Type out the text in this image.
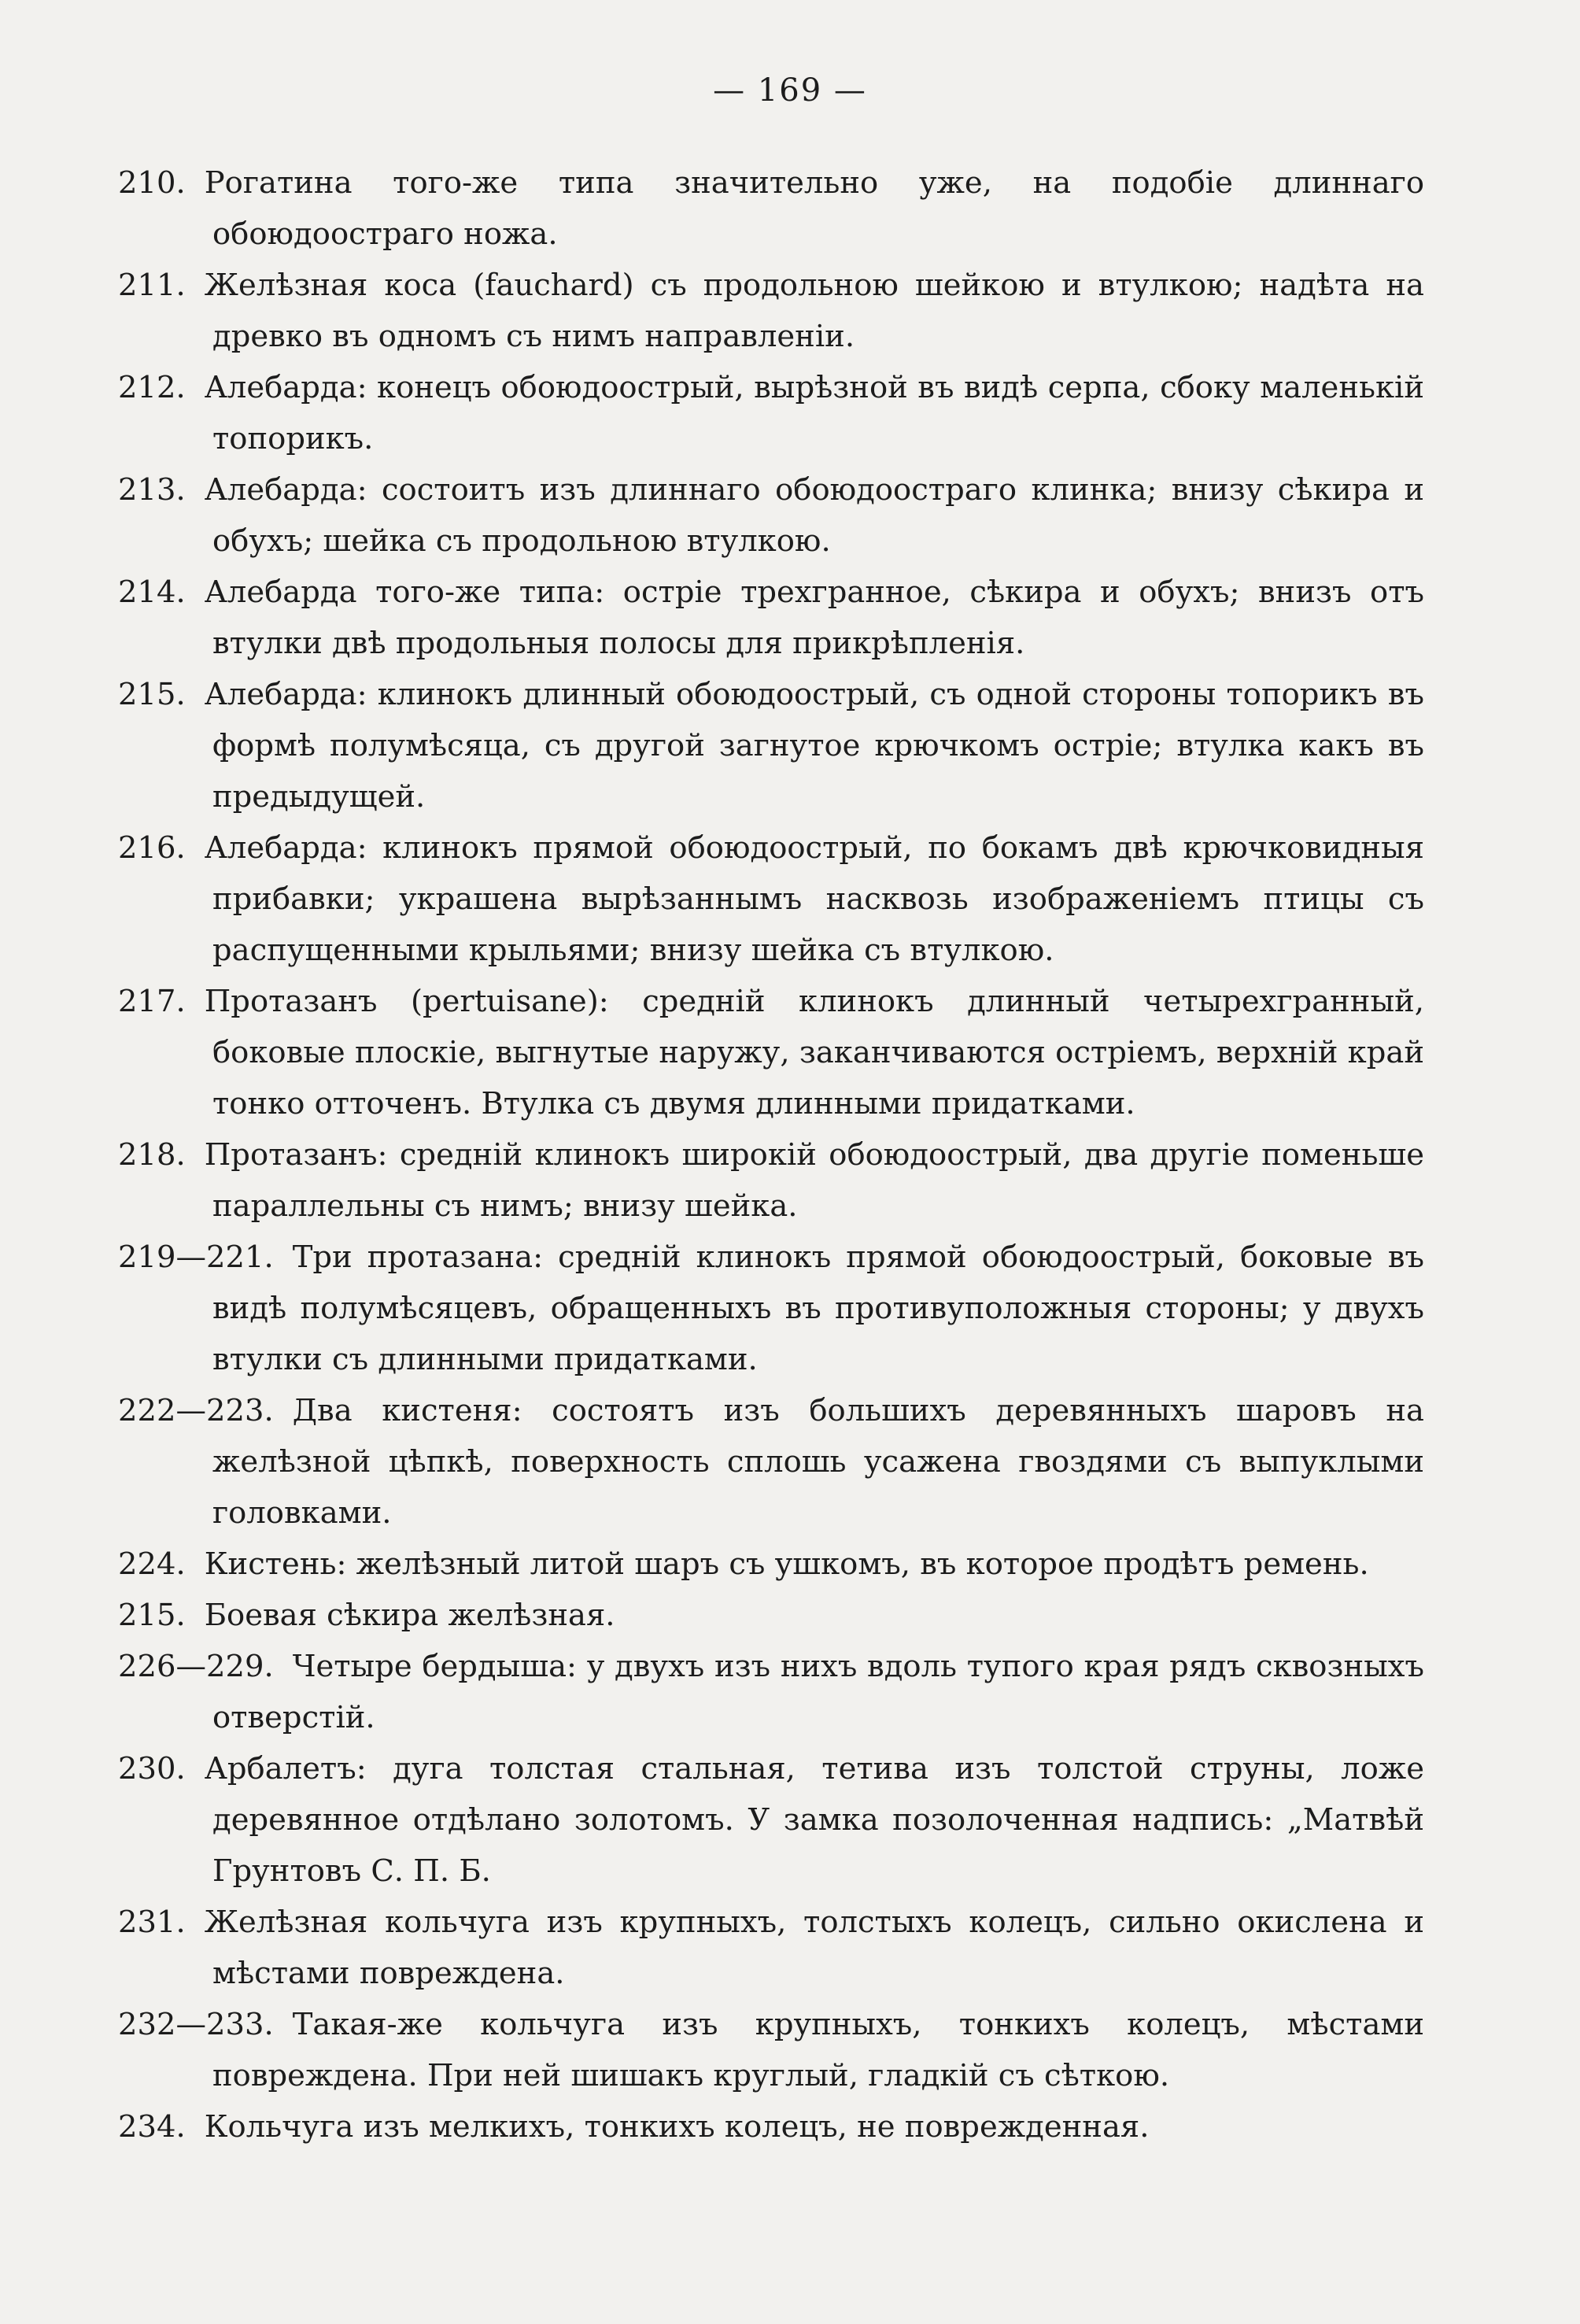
— 169 —

210. Рогатина того-же типа значительно уже, на подобіе длиннаго обоюдоостраго ножа.

211. Желѣзная коса (fauchard) съ продольною шейкою и втулкою; надѣта на древко въ одномъ съ нимъ направленіи.

212. Алебарда: конецъ обоюдоострый, вырѣзной въ видѣ серпа, сбоку маленькій топорикъ.

213. Алебарда: состоитъ изъ длиннаго обоюдоостраго клинка; внизу сѣкира и обухъ; шейка съ продольною втулкою.

214. Алебарда того-же типа: остріе трехгранное, сѣкира и обухъ; внизъ отъ втулки двѣ продольныя полосы для прикрѣпленія.

215. Алебарда: клинокъ длинный обоюдоострый, съ одной стороны топорикъ въ формѣ полумѣсяца, съ другой загнутое крючкомъ остріе; втулка какъ въ предыдущей.

216. Алебарда: клинокъ прямой обоюдоострый, по бокамъ двѣ крючковидныя прибавки; украшена вырѣзаннымъ насквозь изображеніемъ птицы съ распущенными крыльями; внизу шейка съ втулкою.

217. Протазанъ (pertuisane): средній клинокъ длинный четырехгранный, боковые плоскіе, выгнутые наружу, заканчиваются остріемъ, верхній край тонко отточенъ. Втулка съ двумя длинными придатками.

218. Протазанъ: средній клинокъ широкій обоюдоострый, два другіе поменьше параллельны съ нимъ; внизу шейка.

219—221. Три протазана: средній клинокъ прямой обоюдоострый, боковые въ видѣ полумѣсяцевъ, обращенныхъ въ противуположныя стороны; у двухъ втулки съ длинными придатками.

222—223. Два кистеня: состоятъ изъ большихъ деревянныхъ шаровъ на желѣзной цѣпкѣ, поверхность сплошь усажена гвоздями съ выпуклыми головками.

224. Кистень: желѣзный литой шаръ съ ушкомъ, въ которое продѣтъ ремень.

215. Боевая сѣкира желѣзная.

226—229. Четыре бердыша: у двухъ изъ нихъ вдоль тупого края рядъ сквозныхъ отверстій.

230. Арбалетъ: дуга толстая стальная, тетива изъ толстой струны, ложе деревянное отдѣлано золотомъ. У замка позолоченная надпись: „Матвѣй Грунтовъ С. П. Б.

231. Желѣзная кольчуга изъ крупныхъ, толстыхъ колецъ, сильно окислена и мѣстами повреждена.

232—233. Такая-же кольчуга изъ крупныхъ, тонкихъ колецъ, мѣстами повреждена. При ней шишакъ круглый, гладкій съ сѣткою.

234. Кольчуга изъ мелкихъ, тонкихъ колецъ, не поврежденная.
